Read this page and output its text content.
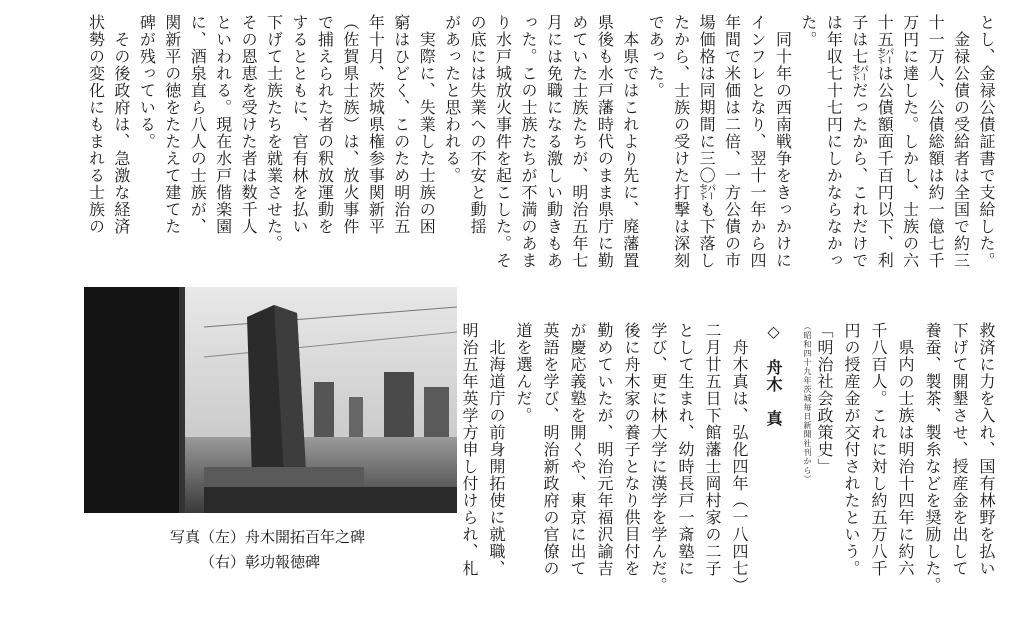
とし、金禄公債証書で支給した。
　金禄公債の受給者は全国で約三
十一万人、公債総額は約一億七千
万円に達した。しかし、士族の六
十五㌫は公債額面千百円以下、利
子は七㌫だったから、これだけで
は年収七十七円にしかならなかっ
た。
　同十年の西南戦争をきっかけに
インフレとなり、翌十一年から四
年間で米価は二倍、一方公債の市
場価格は同期間に三〇㌫も下落し
たから、士族の受けた打撃は深刻
であった。
　本県ではこれより先に、廃藩置
県後も水戸藩時代のまま県庁に勤
めていた士族たちが、明治五年七
月には免職になる激しい動きもあ
った。この士族たちが不満のあま
り水戸城放火事件を起こした。そ
の底には失業への不安と動揺
があったと思われる。
　実際に、失業した士族の困
窮はひどく、このため明治五
年十月、茨城県権参事関新平
（佐賀県士族）は、放火事件
で捕えられた者の釈放運動を
するとともに、官有林を払い
下げて士族たちを就業させた。
その恩恵を受けた者は数千人
といわれる。現在水戸偕楽園
に、酒泉直ら八人の士族が、
関新平の徳をたたえて建てた
碑が残っている。
　その後政府は、急激な経済
状勢の変化にもまれる士族の
救済に力を入れ、国有林野を払い
下げて開墾させ、授産金を出して
養蚕、製茶、製糸などを奨励した。
　県内の士族は明治十四年に約六
千八百人。これに対し約五万八千
円の授産金が交付されたという。
「明治社会政策史」
（昭和四十九年茨城毎日新聞社刊から）
◇　舟木　真
　舟木真は、弘化四年（一八四七）
二月廿五日下館藩士岡村家の二子
として生まれ、幼時長戸一斎塾に
学び、更に林大学に漢学を学んだ。
後に舟木家の養子となり供目付を
勤めていたが、明治元年福沢諭吉
が慶応義塾を開くや、東京に出て
英語を学び、明治新政府の官僚の
道を選んだ。
　北海道庁の前身開拓使に就職、
明治五年英学方申し付けられ、札
写真（左）舟木開拓百年之碑
（右）彰功報徳碑
